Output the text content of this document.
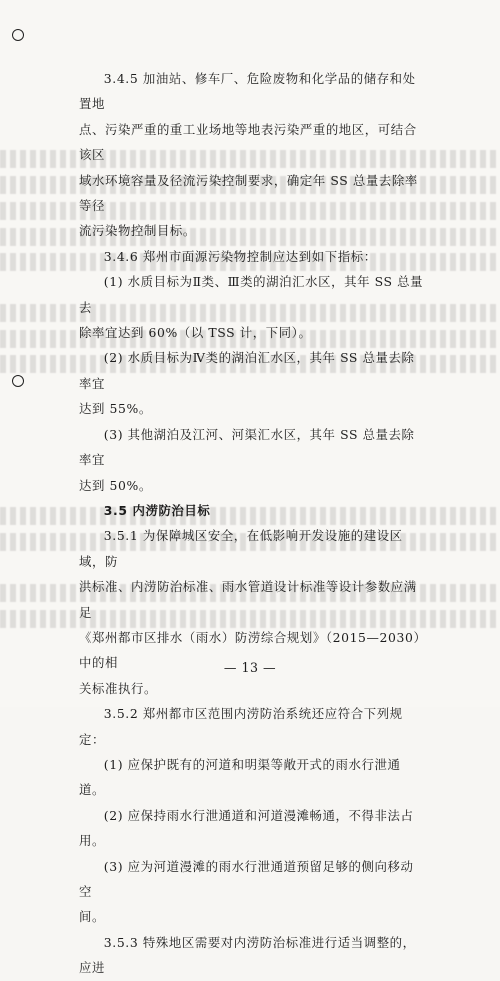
3.4.5 加油站、修车厂、危险废物和化学品的储存和处置地
点、污染严重的重工业场地等地表污染严重的地区，可结合该区
域水环境容量及径流污染控制要求，确定年 SS 总量去除率等径
流污染物控制目标。

3.4.6 郑州市面源污染物控制应达到如下指标：

(1) 水质目标为Ⅱ类、Ⅲ类的湖泊汇水区，其年 SS 总量去
除率宜达到 60%（以 TSS 计，下同）。

(2) 水质目标为Ⅳ类的湖泊汇水区，其年 SS 总量去除率宜
达到 55%。

(3) 其他湖泊及江河、河渠汇水区，其年 SS 总量去除率宜
达到 50%。

3.5 内涝防治目标

3.5.1 为保障城区安全，在低影响开发设施的建设区域，防
洪标准、内涝防治标准、雨水管道设计标准等设计参数应满足
《郑州都市区排水（雨水）防涝综合规划》（2015—2030）中的相
关标准执行。

3.5.2 郑州都市区范围内涝防治系统还应符合下列规定：

(1) 应保护既有的河道和明渠等敞开式的雨水行泄通道。

(2) 应保持雨水行泄通道和河道漫滩畅通，不得非法占用。

(3) 应为河道漫滩的雨水行泄通道预留足够的侧向移动空
间。

3.5.3 特殊地区需要对内涝防治标准进行适当调整的，应进

— 13 —
